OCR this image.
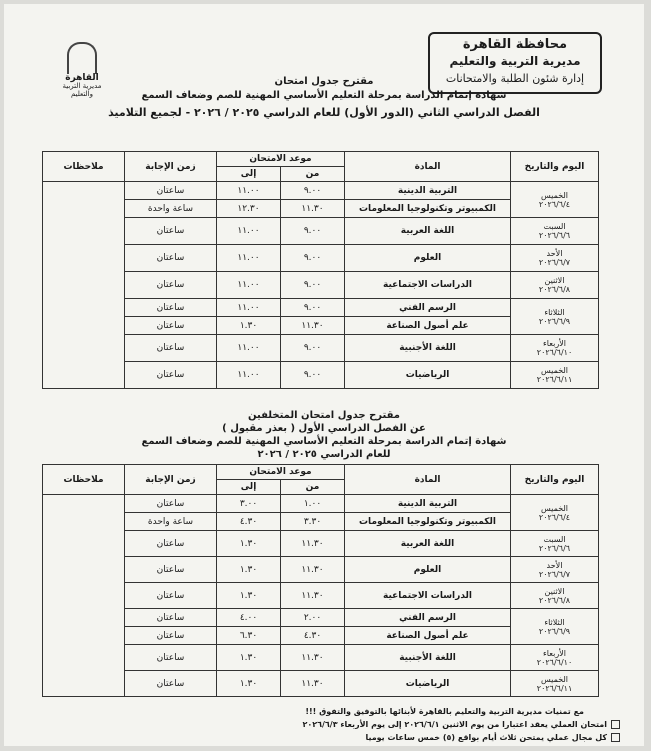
محافظة القاهرة
مديرية التربية والتعليم
إدارة شئون الطلبة والامتحانات
القاهرة
مديرية التربية والتعليم
مقترح جدول امتحان
شهادة إتمام الدراسة بمرحلة التعليم الأساسي المهنية للصم وضعاف السمع
الفصل الدراسي الثاني (الدور الأول) للعام الدراسي ٢٠٢٥ / ٢٠٢٦ - لجميع التلاميذ
اليوم والتاريخ	المادة	موعد الامتحان		زمن الإجابة	ملاحظات
		من	إلى		

الخميس
٢٠٢٦/٦/٤	التربية الدينية	٩.٠٠	١١.٠٠	ساعتان	
	الكمبيوتر وتكنولوجيا المعلومات	١١.٣٠	١٢.٣٠	ساعة واحدة	

السبت
٢٠٢٦/٦/٦	اللغة العربية	٩.٠٠	١١.٠٠	ساعتان	

الأحد
٢٠٢٦/٦/٧	العلوم	٩.٠٠	١١.٠٠	ساعتان	

الاثنين
٢٠٢٦/٦/٨	الدراسات الاجتماعية	٩.٠٠	١١.٠٠	ساعتان	

الثلاثاء
٢٠٢٦/٦/٩	الرسم الفني	٩.٠٠	١١.٠٠	ساعتان	
	علم أصول الصناعة	١١.٣٠	١.٣٠	ساعتان	

الأربعاء
٢٠٢٦/٦/١٠	اللغة الأجنبية	٩.٠٠	١١.٠٠	ساعتان	

الخميس
٢٠٢٦/٦/١١	الرياضيات	٩.٠٠	١١.٠٠	ساعتان	
مقترح جدول امتحان المتخلفين
عن الفصل الدراسي الأول ( بعذر مقبول )
شهادة إتمام الدراسة بمرحلة التعليم الأساسي المهنية للصم وضعاف السمع
للعام الدراسي ٢٠٢٥ / ٢٠٢٦
اليوم والتاريخ	المادة	موعد الامتحان		زمن الإجابة	ملاحظات
		من	إلى		

الخميس
٢٠٢٦/٦/٤	التربية الدينية	١.٠٠	٣.٠٠	ساعتان	
	الكمبيوتر وتكنولوجيا المعلومات	٣.٣٠	٤.٣٠	ساعة واحدة	

السبت
٢٠٢٦/٦/٦	اللغة العربية	١١.٣٠	١.٣٠	ساعتان	

الأحد
٢٠٢٦/٦/٧	العلوم	١١.٣٠	١.٣٠	ساعتان	

الاثنين
٢٠٢٦/٦/٨	الدراسات الاجتماعية	١١.٣٠	١.٣٠	ساعتان	

الثلاثاء
٢٠٢٦/٦/٩	الرسم الفني	٢.٠٠	٤.٠٠	ساعتان	
	علم أصول الصناعة	٤.٣٠	٦.٣٠	ساعتان	

الأربعاء
٢٠٢٦/٦/١٠	اللغة الأجنبية	١١.٣٠	١.٣٠	ساعتان	

الخميس
٢٠٢٦/٦/١١	الرياضيات	١١.٣٠	١.٣٠	ساعتان	
مع تمنيات مديرية التربية والتعليم بالقاهرة لأبنائها بالتوفيق والتفوق !!!
امتحان العملي يعقد اعتبارا من يوم الاثنين ٢٠٢٦/٦/١ إلى يوم الأربعاء ٢٠٢٦/٦/٣
كل مجال عملي يمتحن ثلاث أيام بواقع (٥) خمس ساعات يوميا
